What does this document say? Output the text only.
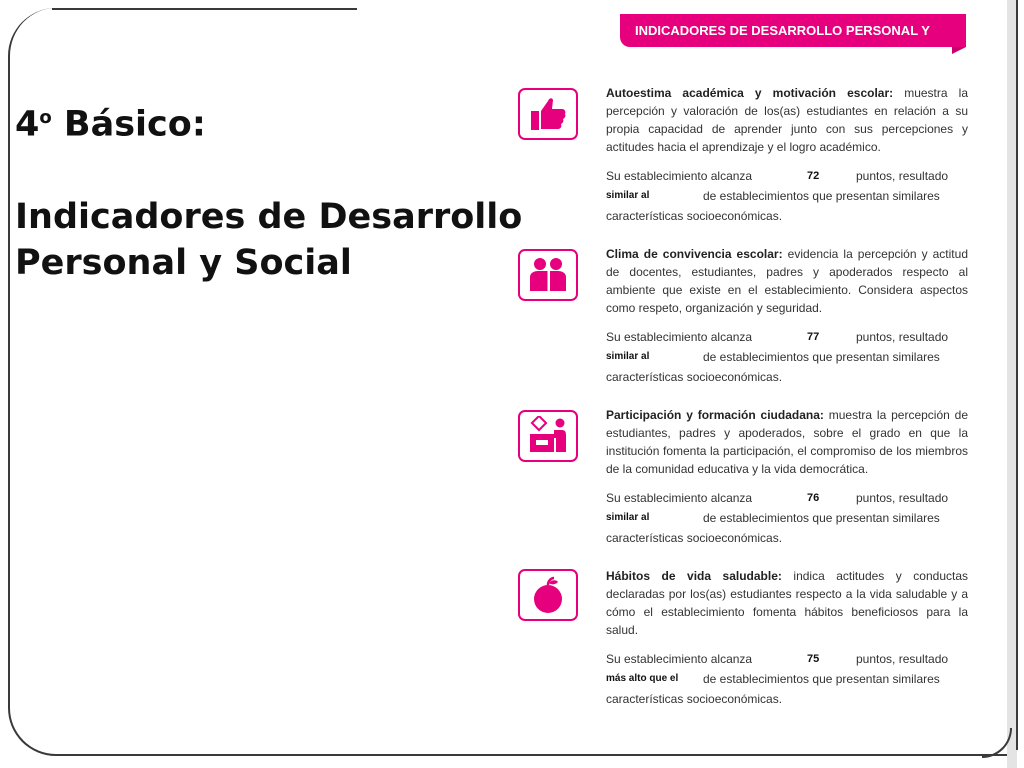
4$^o$ Básico:
Indicadores de Desarrollo Personal y Social
INDICADORES DE DESARROLLO PERSONAL Y SOCIAL
Autoestima académica y motivación escolar: muestra la percepción y valoración de los(as) estudiantes en relación a su propia capacidad de aprender junto con sus percepciones y actitudes hacia el aprendizaje y el logro académico.
Su establecimiento alcanza	72	puntos, resultado
similar al	de establecimientos que presentan similares
características socioeconómicas.
Clima de convivencia escolar: evidencia la percepción y actitud de docentes, estudiantes, padres y apoderados respecto al ambiente que existe en el establecimiento. Considera aspectos como respeto, organización y seguridad.
Su establecimiento alcanza	77	puntos, resultado
similar al	de establecimientos que presentan similares
características socioeconómicas.
Participación y formación ciudadana: muestra la percepción de estudiantes, padres y apoderados, sobre el grado en que la institución fomenta la participación, el compromiso de los miembros de la comunidad educativa y la vida democrática.
Su establecimiento alcanza	76	puntos, resultado
similar al	de establecimientos que presentan similares
características socioeconómicas.
Hábitos de vida saludable: indica actitudes y conductas declaradas por los(as) estudiantes respecto a la vida saludable y a cómo el establecimiento fomenta hábitos beneficiosos para la salud.
Su establecimiento alcanza	75	puntos, resultado
más alto que el de establecimientos que presentan similares
características socioeconómicas.
